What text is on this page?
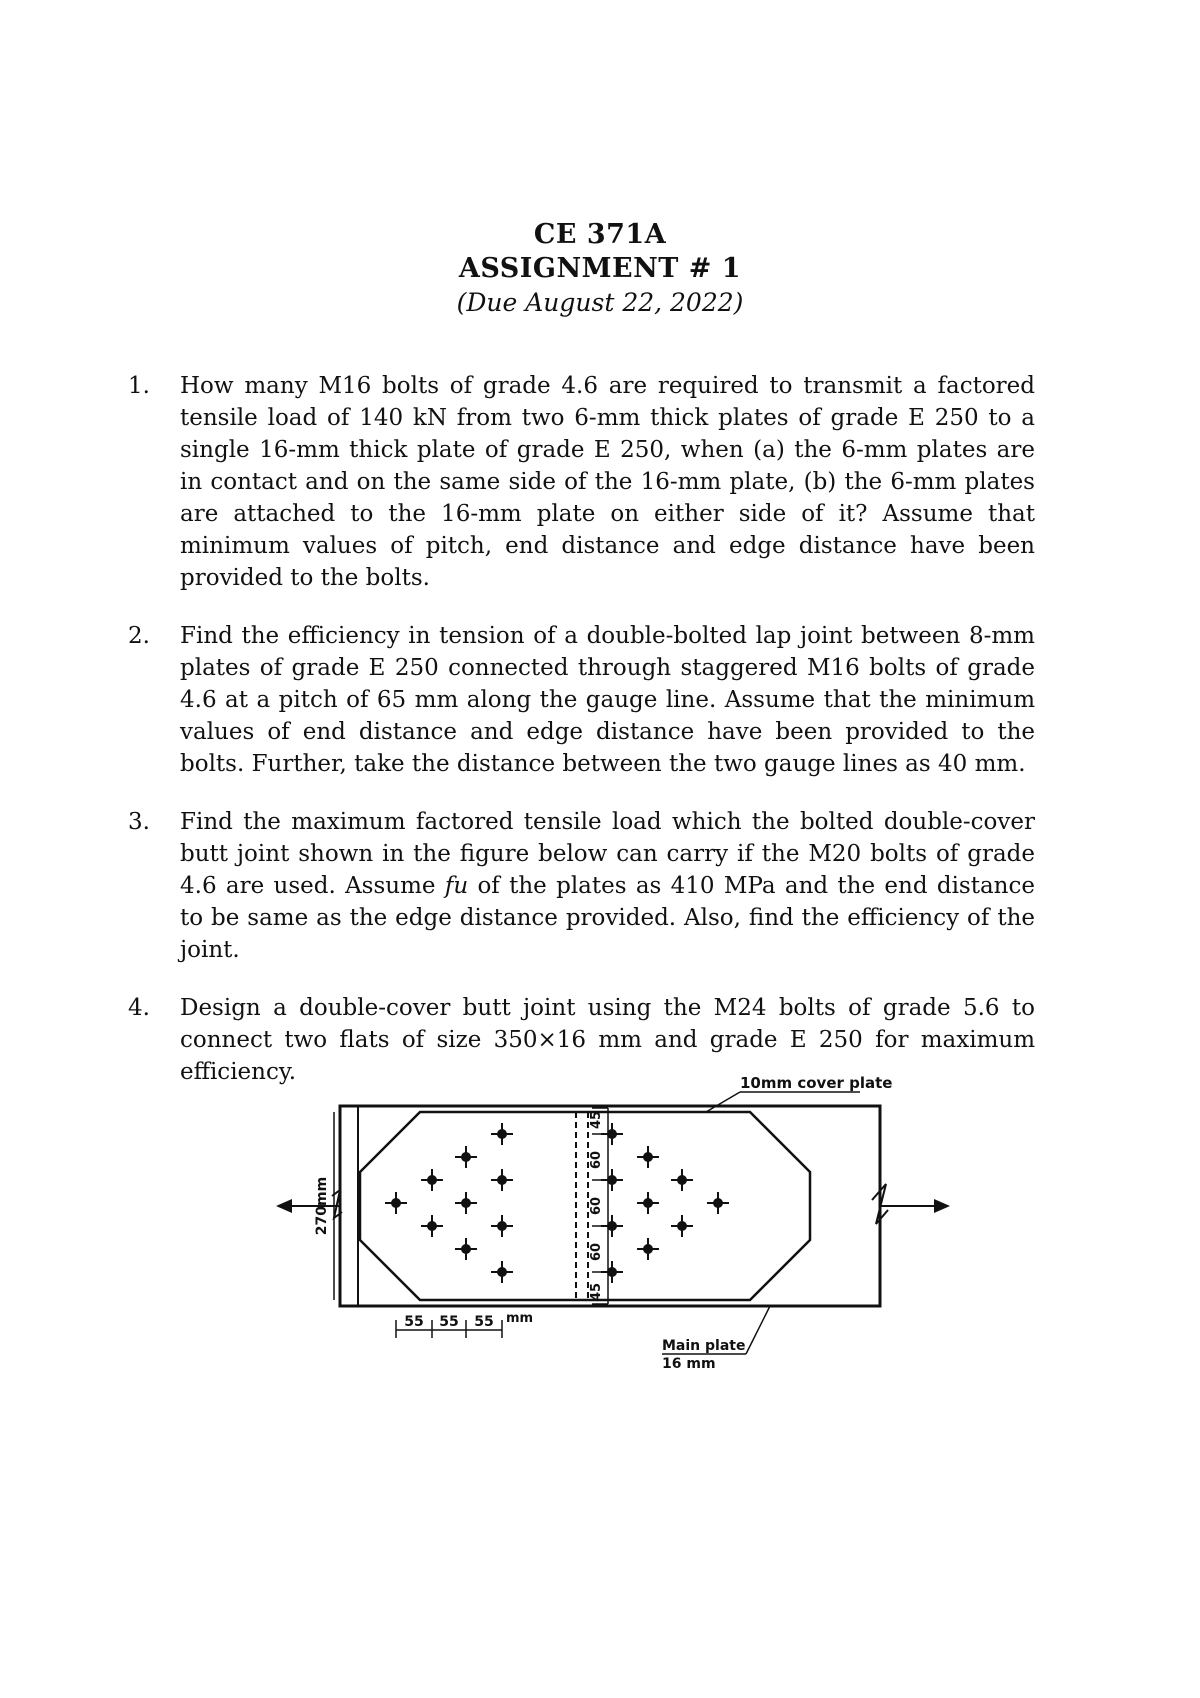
CE 371A
ASSIGNMENT # 1
(Due August 22, 2022)
1. How many M16 bolts of grade 4.6 are required to transmit a factored tensile load of 140 kN from two 6-mm thick plates of grade E 250 to a single 16-mm thick plate of grade E 250, when (a) the 6-mm plates are in contact and on the same side of the 16-mm plate, (b) the 6-mm plates are attached to the 16-mm plate on either side of it? Assume that minimum values of pitch, end distance and edge distance have been provided to the bolts.
2. Find the efficiency in tension of a double-bolted lap joint between 8-mm plates of grade E 250 connected through staggered M16 bolts of grade 4.6 at a pitch of 65 mm along the gauge line. Assume that the minimum values of end distance and edge distance have been provided to the bolts. Further, take the distance between the two gauge lines as 40 mm.
3. Find the maximum factored tensile load which the bolted double-cover butt joint shown in the figure below can carry if the M20 bolts of grade 4.6 are used. Assume fu of the plates as 410 MPa and the end distance to be same as the edge distance provided. Also, find the efficiency of the joint.
4. Design a double-cover butt joint using the M24 bolts of grade 5.6 to connect two flats of size 350×16 mm and grade E 250 for maximum efficiency.
270mm
45
60
60
60
45
55 55 55 mm
10mm cover plate
Main plate
16 mm
